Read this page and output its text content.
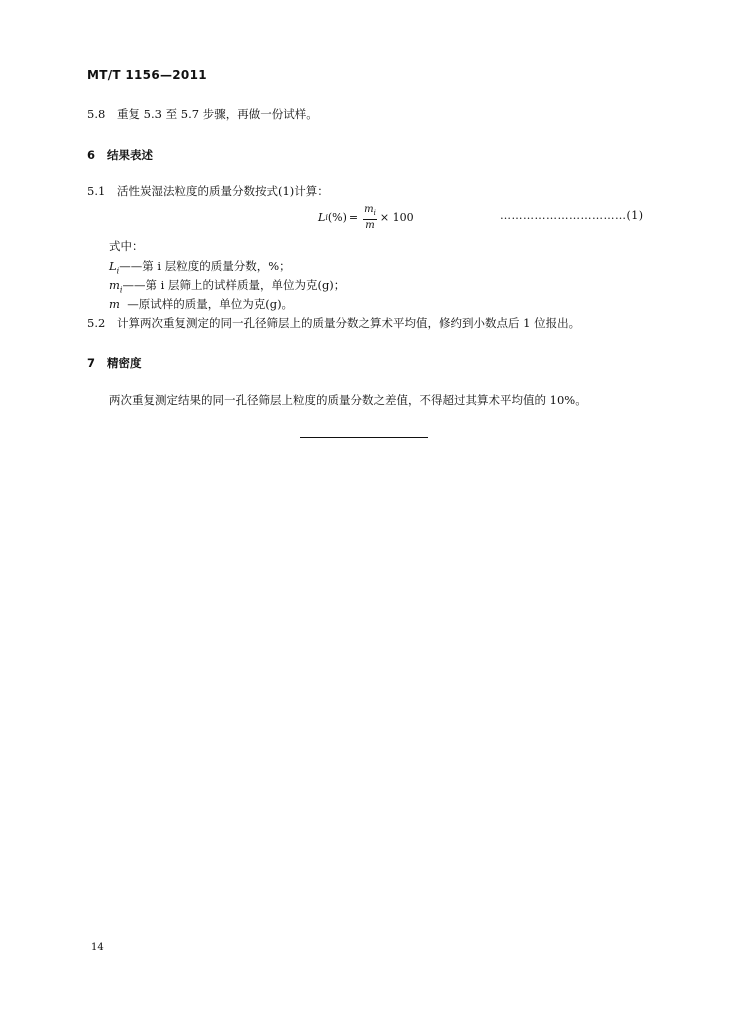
MT/T 1156—2011
5.8 重复 5.3 至 5.7 步骤，再做一份试样。
6 结果表述
5.1 活性炭湿法粒度的质量分数按式(1)计算：
L i (%) = $\frac{m_i}{m} \times 100$	……………………………(1)
式中：
$L_i——$第 i 层粒度的质量分数，%；
$m_i——$第 i 层筛上的试样质量，单位为克(g)；
m  —原试样的质量，单位为克(g)。
5.2 计算两次重复测定的同一孔径筛层上的质量分数之算术平均值，修约到小数点后 1 位报出。
7 精密度
两次重复测定结果的同一孔径筛层上粒度的质量分数之差值，不得超过其算术平均值的 10%。
14
